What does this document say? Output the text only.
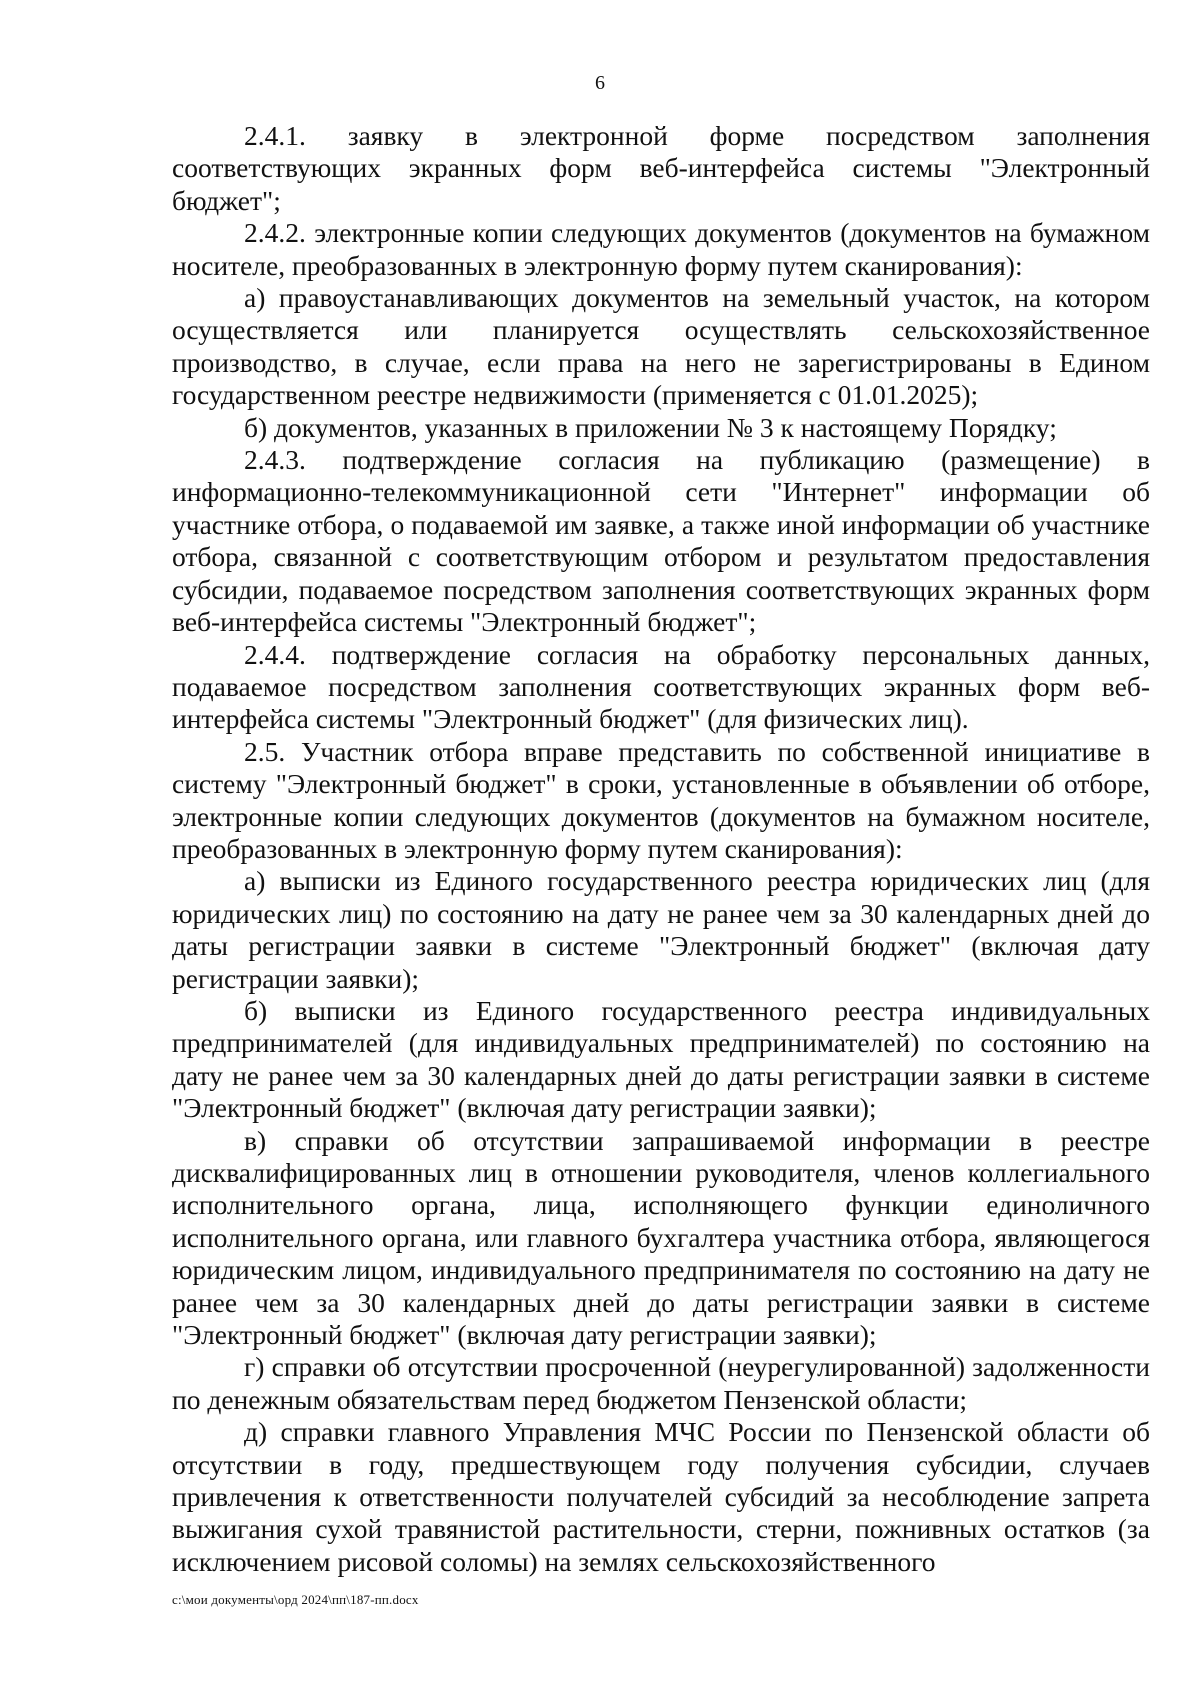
6

2.4.1. заявку в электронной форме посредством заполнения соответствующих экранных форм веб-интерфейса системы "Электронный бюджет";

2.4.2. электронные копии следующих документов (документов на бумажном носителе, преобразованных в электронную форму путем сканирования):

а) правоустанавливающих документов на земельный участок, на котором осуществляется или планируется осуществлять сельскохозяйственное производство, в случае, если права на него не зарегистрированы в Едином государственном реестре недвижимости (применяется с 01.01.2025);

б) документов, указанных в приложении № 3 к настоящему Порядку;

2.4.3. подтверждение согласия на публикацию (размещение) в информационно-телекоммуникационной сети "Интернет" информации об участнике отбора, о подаваемой им заявке, а также иной информации об участнике отбора, связанной с соответствующим отбором и результатом предоставления субсидии, подаваемое посредством заполнения соответствующих экранных форм веб-интерфейса системы "Электронный бюджет";

2.4.4. подтверждение согласия на обработку персональных данных, подаваемое посредством заполнения соответствующих экранных форм веб-интерфейса системы "Электронный бюджет" (для физических лиц).

2.5. Участник отбора вправе представить по собственной инициативе в систему "Электронный бюджет" в сроки, установленные в объявлении об отборе, электронные копии следующих документов (документов на бумажном носителе, преобразованных в электронную форму путем сканирования):

а) выписки из Единого государственного реестра юридических лиц (для юридических лиц) по состоянию на дату не ранее чем за 30 календарных дней до даты регистрации заявки в системе "Электронный бюджет" (включая дату регистрации заявки);

б) выписки из Единого государственного реестра индивидуальных предпринимателей (для индивидуальных предпринимателей) по состоянию на дату не ранее чем за 30 календарных дней до даты регистрации заявки в системе "Электронный бюджет" (включая дату регистрации заявки);

в) справки об отсутствии запрашиваемой информации в реестре дисквалифицированных лиц в отношении руководителя, членов коллегиального исполнительного органа, лица, исполняющего функции единоличного исполнительного органа, или главного бухгалтера участника отбора, являющегося юридическим лицом, индивидуального предпринимателя по состоянию на дату не ранее чем за 30 календарных дней до даты регистрации заявки в системе "Электронный бюджет" (включая дату регистрации заявки);

г) справки об отсутствии просроченной (неурегулированной) задолженности по денежным обязательствам перед бюджетом Пензенской области;

д) справки главного Управления МЧС России по Пензенской области об отсутствии в году, предшествующем году получения субсидии, случаев привлечения к ответственности получателей субсидий за несоблюдение запрета выжигания сухой травянистой растительности, стерни, пожнивных остатков (за исключением рисовой соломы) на землях сельскохозяйственного

c:\мои документы\орд 2024\пп\187-пп.docx
